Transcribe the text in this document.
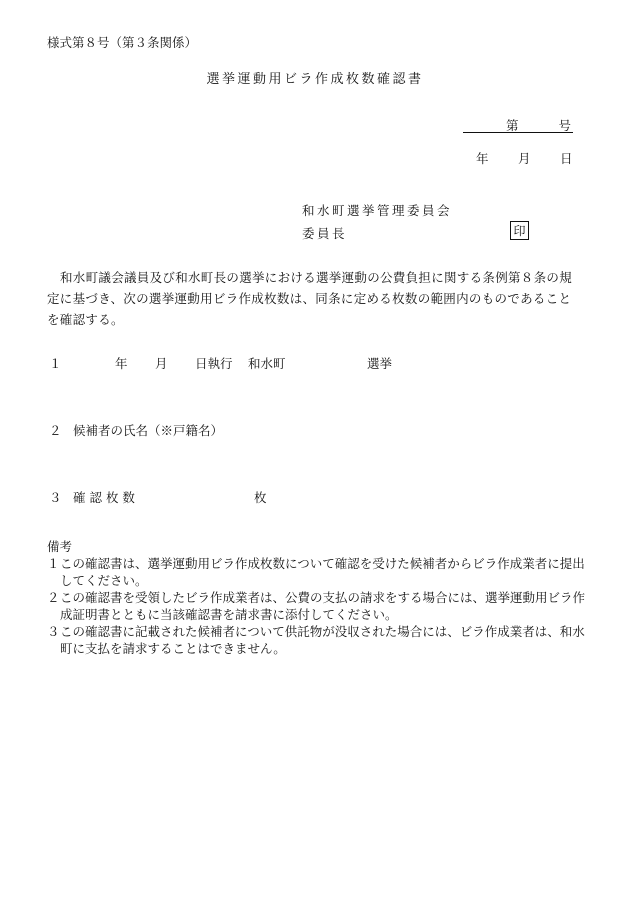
様式第８号（第３条関係）
選挙運動用ビラ作成枚数確認書
第	号
年 月 日
和水町選挙管理委員会
委員長	印
和水町議会議員及び和水町長の選挙における選挙運動の公費負担に関する条例第８条の規定に基づき、次の選挙運動用ビラ作成枚数は、同条に定める枚数の範囲内のものであることを確認する。
１	年 月 日執行 和水町	選挙
２ 候補者の氏名（※戸籍名）
３ 確 認 枚 数	枚
備考
１この確認書は、選挙運動用ビラ作成枚数について確認を受けた候補者からビラ作成業者に提出してください。
２この確認書を受領したビラ作成業者は、公費の支払の請求をする場合には、選挙運動用ビラ作成証明書とともに当該確認書を請求書に添付してください。
３この確認書に記載された候補者について供託物が没収された場合には、ビラ作成業者は、和水町に支払を請求することはできません。
